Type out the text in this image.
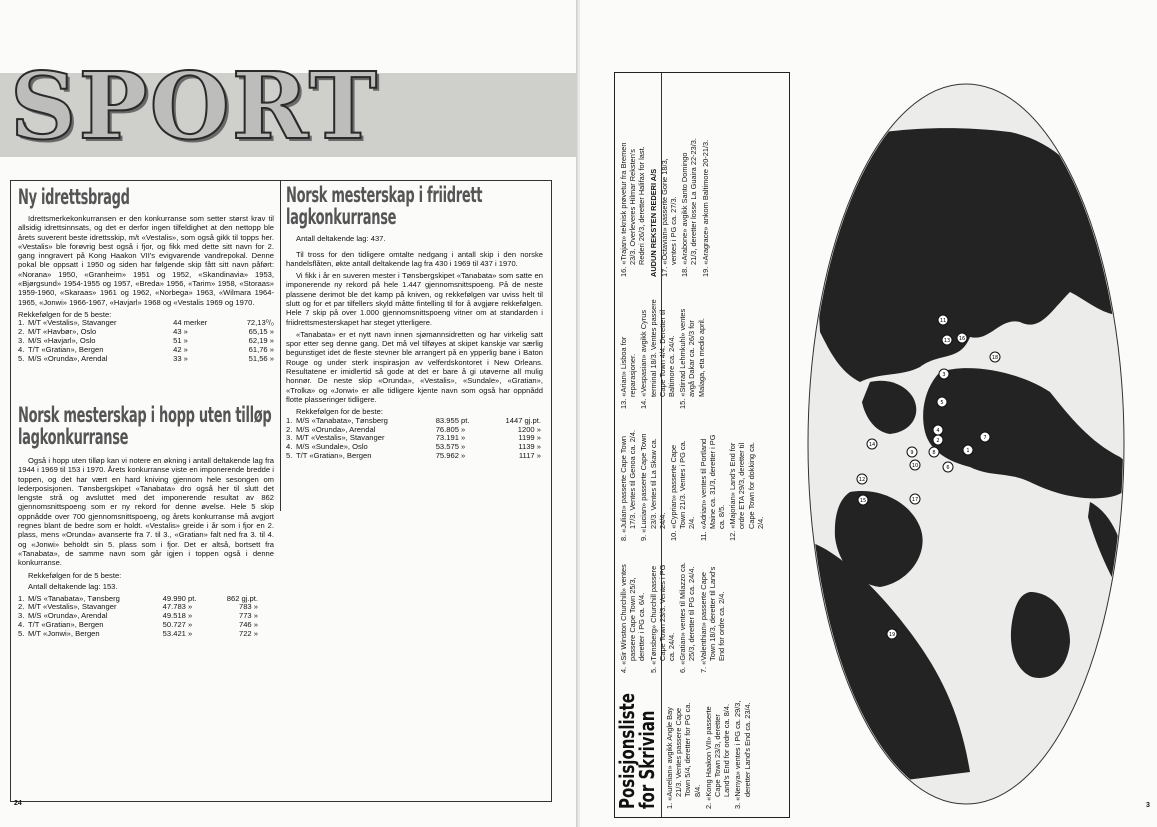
SPORT
Ny idrettsbragd

Idrettsmerkekonkurransen er den konkurranse som setter størst krav til allsidig idrettsinnsats, og det er derfor ingen tilfeldighet at den nettopp ble årets suverent beste idrettsskip, m/t «Vestalis», som også gikk til topps her. «Vestalis» ble forøvrig best også i fjor, og fikk med dette sitt navn for 2. gang inngravert på Kong Haakon VII's evigvarende vandrepokal. Denne pokal ble oppsatt i 1950 og siden har følgende skip fått sitt navn påført: «Norana» 1950, «Granheim» 1951 og 1952, «Skandinavia» 1953, «Bjørgsund» 1954-1955 og 1957, «Breda» 1956, «Tarim» 1958, «Storaas» 1959-1960, «Skaraas» 1961 og 1962, «Norbega» 1963, «Wilmara 1964-1965, «Jonwi» 1966-1967, «Havjarl» 1968 og «Vestalis 1969 og 1970.

Rekkefølgen for de 5 beste:
1.	M/T «Vestalis», Stavanger	44 merker	72,13⁰/₀
2.	M/T «Havbør», Oslo	43 »	65,15 »
3.	M/S «Havjarl», Oslo	51 »	62,19 »
4.	T/T «Gratian», Bergen	42 »	61,76 »
5.	M/S «Orunda», Arendal	33 »	51,56 »
Norsk mesterskap i hopp uten tilløp
lagkonkurranse

Også i hopp uten tilløp kan vi notere en økning i antall deltakende lag fra 1944 i 1969 til 153 i 1970. Årets konkurranse viste en imponerende bredde i toppen, og det har vært en hard kniving gjennom hele sesongen om lederposisjonen. Tønsbergskipet «Tanabata» dro også her til slutt det lengste strå og avsluttet med det imponerende resultat av 862 gjennomsnittspoeng som er ny rekord for denne øvelse. Hele 5 skip oppnådde over 700 gjennomsnittspoeng, og årets konkurranse må avgjort regnes blant de bedre som er holdt. «Vestalis» greide i år som i fjor en 2. plass, mens «Orunda» avanserte fra 7. til 3., «Gratian» falt ned fra 3. til 4. og «Jonwi» beholdt sin 5. plass som i fjor. Det er altså, bortsett fra «Tanabata», de samme navn som går igjen i toppen også i denne konkurranse.

Rekkefølgen for de 5 beste:
Antall deltakende lag: 153.
1.	M/S «Tanabata», Tønsberg	49.990 pt.	862 gj.pt.
2.	M/T «Vestalis», Stavanger	47.783 »	783 »
3.	M/S «Orunda», Arendal	49.518 »	773 »
4.	T/T «Gratian», Bergen	50.727 »	746 »
5.	M/T «Jonwi», Bergen	53.421 »	722 »
Norsk mesterskap i friidrett
lagkonkurranse
Antall deltakende lag: 437.

Til tross for den tidligere omtalte nedgang i antall skip i den norske handelsflåten, økte antall deltakende lag fra 430 i 1969 til 437 i 1970.

Vi fikk i år en suveren mester i Tønsbergskipet «Tanabata» som satte en imponerende ny rekord på hele 1.447 gjennomsnittspoeng. På de neste plassene derimot ble det kamp på kniven, og rekkefølgen var uviss helt til slutt og for et par tilfellers skyld måtte fintelling til for å avgjøre rekkefølgen. Hele 7 skip på over 1.000 gjennomsnittspoeng vitner om at standarden i friidrettsmesterskapet har steget ytterligere.

«Tanabata» er et nytt navn innen sjømannsidretten og har virkelig satt spor etter seg denne gang. Det må vel tilføyes at skipet kanskje var særlig begunstiget idet de fleste stevner ble arrangert på en ypperlig bane i Baton Rouge og under sterk inspirasjon av velferdskontoret i New Orleans. Resultatene er imidlertid så gode at det er bare å gi utøverne all mulig honnør. De neste skip «Orunda», «Vestalis», «Sundale», «Gratian», «Trolka» og «Jonwi» er alle tidligere kjente navn som også har oppnådd flotte plasseringer tidligere.

Rekkefølgen for de beste:
1.	M/S «Tanabata», Tønsberg	83.955 pt.	1447 gj.pt.
2.	M/S «Orunda», Arendal	76.805 »	1200 »
3.	M/T «Vestalis», Stavanger	73.191 »	1199 »
4.	M/S «Sundale», Oslo	53.575 »	1139 »
5.	T/T «Gratian», Bergen	75.962 »	1117 »
24	3
Posisjonsliste
for Skrivian 1. «Aurelian» avgikk Angle Bay 21/3. Ventes passere Cape Town 5/4, deretter for PG ca. 8/4. 2. «Kong Haakon VII» passerte Cape Town 23/3, deretter Land's End for ordre ca. 8/4. 3. «Nenya» ventes i PG ca. 29/3, deretter Land's End ca. 23/4.
4. «Sir Winston Churchill» ventes passere Cape Town 25/3, deretter i PG ca. 6/4. 5. «Tønsberg» Churchill passere Cape Town 23/3. Ventes i PG ca. 24/4. 6. «Gratian» ventes til Milazzo ca. 25/3, deretter til PG ca. 24/4. 7. «Valenthian» passerte Cape Town 18/3, deretter til Land's End for ordre ca. 2/4.
8. «Julian» passerte Cape Town 17/3. Ventes til Genoa ca. 2/4. 9. «Lucian» passerte Cape Town 23/3. Ventes til La Skaw ca. 24/4. 10. «Cyprian» passerte Cape Town 21/3. Ventes i PG ca. 2/4. 11. «Adrian» ventes til Portland Maine ca. 31/3, deretter i PG ca. 8/5. 12. «Majorian» Land's End for ordre ETA 29/3, deretter til Cape Town for dokking ca. 2/4.
13. «Arian» Lisboa for reparasjoner. 14. «Vespasian» avgikk Cyrus terminal 18/3. Ventes passere Cape Town 4/4. Deretter til Baltimore ca. 24/4. 15. «Stirrad Lehmkuhl» ventes avgå Dakar ca. 26/3 for Malaga, eta medio april.
16. «Trajan» teknisk prøvetur fra Bremen 23/3. Overleveres Hilmar Reksten's Rederi 26/3, deretter Halifax for last. AUDUN REKSTEN REDERI A/S 17. «Octavian» passerte Gorie 18/3, ventes i PG ca. 27/3. 18. «Arabone» avgikk Santo Domingo 21/3, deretter losse La Guaira 22-23/3. 19. «Aragrace» ankom Baltimore 20-21/3.
11
13 16
18
3
5
4
2
8
7
1
6
9
10
14
12
15	17
19
